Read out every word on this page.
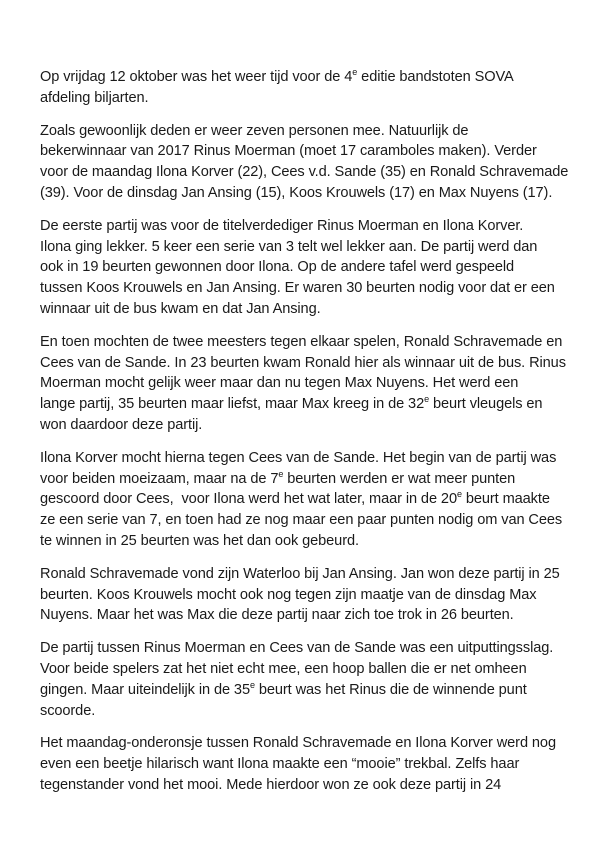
Op vrijdag 12 oktober was het weer tijd voor de 4e editie bandstoten SOVA
afdeling biljarten.
Zoals gewoonlijk deden er weer zeven personen mee. Natuurlijk de
bekerwinnaar van 2017 Rinus Moerman (moet 17 caramboles maken). Verder
voor de maandag Ilona Korver (22), Cees v.d. Sande (35) en Ronald Schravemade
(39). Voor de dinsdag Jan Ansing (15), Koos Krouwels (17) en Max Nuyens (17).
De eerste partij was voor de titelverdediger Rinus Moerman en Ilona Korver.
Ilona ging lekker. 5 keer een serie van 3 telt wel lekker aan. De partij werd dan
ook in 19 beurten gewonnen door Ilona. Op de andere tafel werd gespeeld
tussen Koos Krouwels en Jan Ansing. Er waren 30 beurten nodig voor dat er een
winnaar uit de bus kwam en dat Jan Ansing.
En toen mochten de twee meesters tegen elkaar spelen, Ronald Schravemade en
Cees van de Sande. In 23 beurten kwam Ronald hier als winnaar uit de bus. Rinus
Moerman mocht gelijk weer maar dan nu tegen Max Nuyens. Het werd een
lange partij, 35 beurten maar liefst, maar Max kreeg in de 32e beurt vleugels en
won daardoor deze partij.
Ilona Korver mocht hierna tegen Cees van de Sande. Het begin van de partij was
voor beiden moeizaam, maar na de 7e beurten werden er wat meer punten
gescoord door Cees,  voor Ilona werd het wat later, maar in de 20e beurt maakte
ze een serie van 7, en toen had ze nog maar een paar punten nodig om van Cees
te winnen in 25 beurten was het dan ook gebeurd.
Ronald Schravemade vond zijn Waterloo bij Jan Ansing. Jan won deze partij in 25
beurten. Koos Krouwels mocht ook nog tegen zijn maatje van de dinsdag Max
Nuyens. Maar het was Max die deze partij naar zich toe trok in 26 beurten.
De partij tussen Rinus Moerman en Cees van de Sande was een uitputtingsslag.
Voor beide spelers zat het niet echt mee, een hoop ballen die er net omheen
gingen. Maar uiteindelijk in de 35e beurt was het Rinus die de winnende punt
scoorde.
Het maandag-onderonsje tussen Ronald Schravemade en Ilona Korver werd nog
even een beetje hilarisch want Ilona maakte een “mooie” trekbal. Zelfs haar
tegenstander vond het mooi. Mede hierdoor won ze ook deze partij in 24
